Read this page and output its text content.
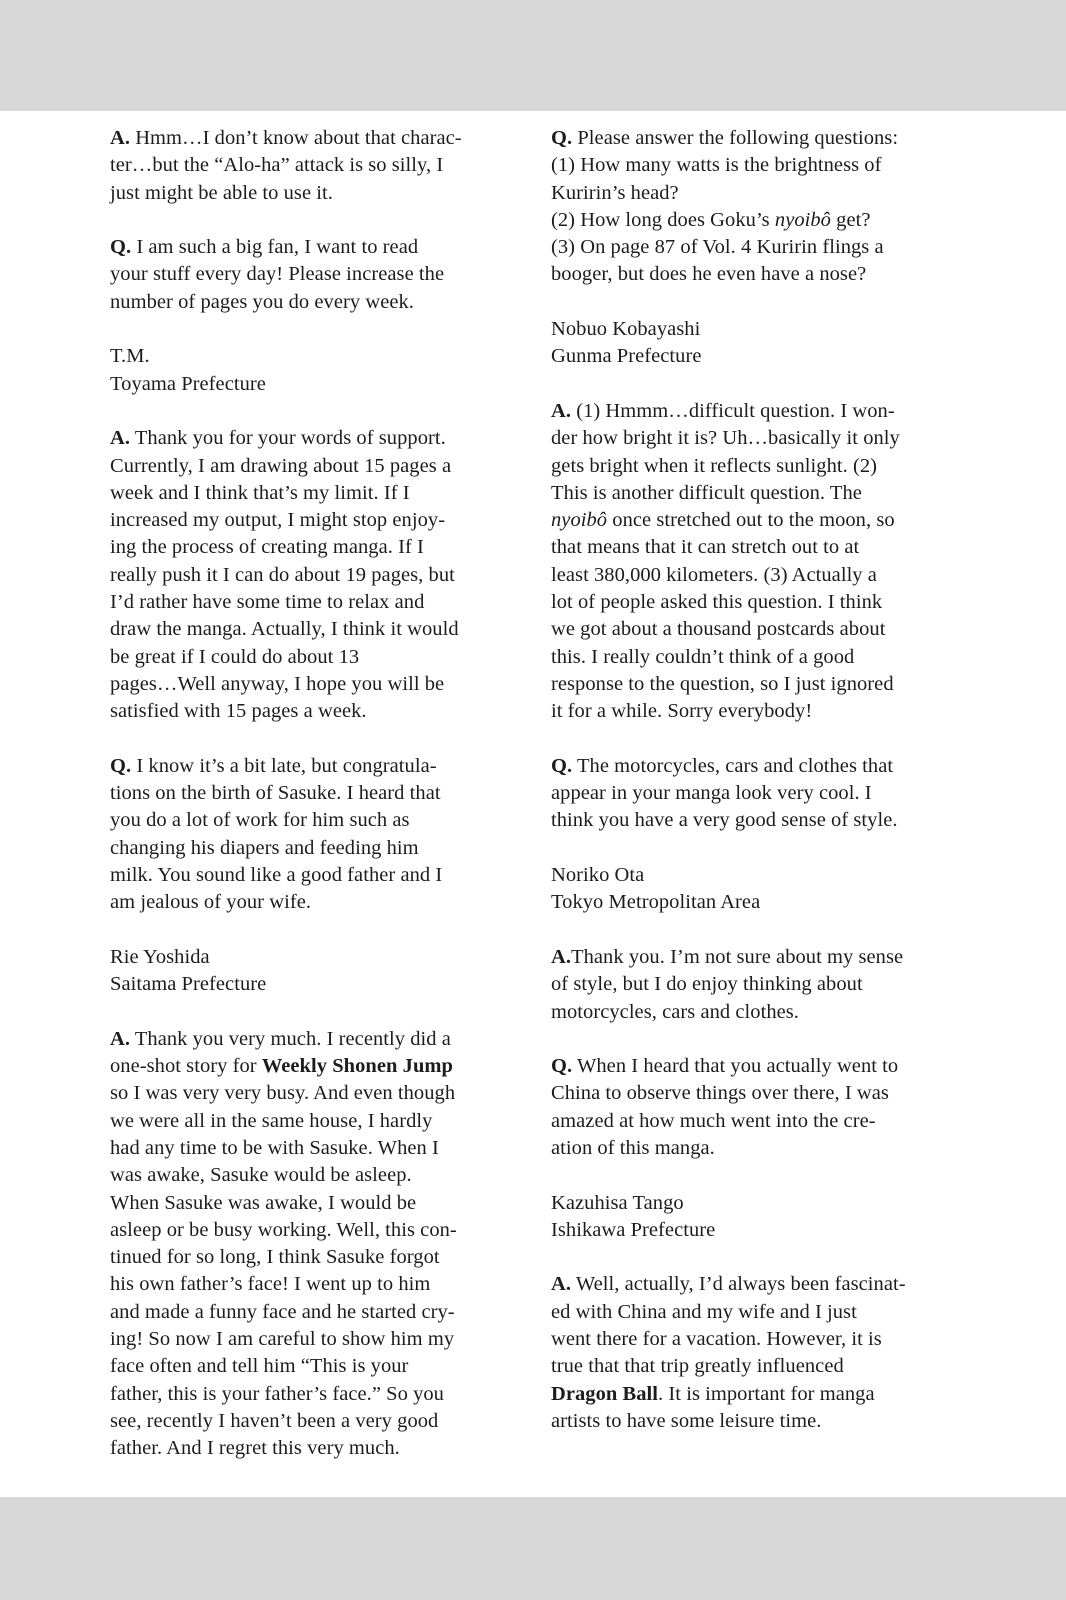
A. Hmm…I don’t know about that charac-
ter…but the “Alo-ha” attack is so silly, I
just might be able to use it.
Q. I am such a big fan, I want to read
your stuff every day! Please increase the
number of pages you do every week.
T.M.
Toyama Prefecture
A. Thank you for your words of support.
Currently, I am drawing about 15 pages a
week and I think that’s my limit. If I
increased my output, I might stop enjoy-
ing the process of creating manga. If I
really push it I can do about 19 pages, but
I’d rather have some time to relax and
draw the manga. Actually, I think it would
be great if I could do about 13
pages…Well anyway, I hope you will be
satisfied with 15 pages a week.
Q. I know it’s a bit late, but congratula-
tions on the birth of Sasuke. I heard that
you do a lot of work for him such as
changing his diapers and feeding him
milk. You sound like a good father and I
am jealous of your wife.
Rie Yoshida
Saitama Prefecture
A. Thank you very much. I recently did a
one-shot story for Weekly Shonen Jump
so I was very very busy. And even though
we were all in the same house, I hardly
had any time to be with Sasuke. When I
was awake, Sasuke would be asleep.
When Sasuke was awake, I would be
asleep or be busy working. Well, this con-
tinued for so long, I think Sasuke forgot
his own father’s face! I went up to him
and made a funny face and he started cry-
ing! So now I am careful to show him my
face often and tell him “This is your
father, this is your father’s face.” So you
see, recently I haven’t been a very good
father. And I regret this very much.
Q. Please answer the following questions:
(1) How many watts is the brightness of
Kuririn’s head?
(2) How long does Goku’s nyoibô get?
(3) On page 87 of Vol. 4 Kuririn flings a
booger, but does he even have a nose?
Nobuo Kobayashi
Gunma Prefecture
A. (1) Hmmm…difficult question. I won-
der how bright it is? Uh…basically it only
gets bright when it reflects sunlight. (2)
This is another difficult question. The
nyoibô once stretched out to the moon, so
that means that it can stretch out to at
least 380,000 kilometers. (3) Actually a
lot of people asked this question. I think
we got about a thousand postcards about
this. I really couldn’t think of a good
response to the question, so I just ignored
it for a while. Sorry everybody!
Q. The motorcycles, cars and clothes that
appear in your manga look very cool. I
think you have a very good sense of style.
Noriko Ota
Tokyo Metropolitan Area
A.Thank you. I’m not sure about my sense
of style, but I do enjoy thinking about
motorcycles, cars and clothes.
Q. When I heard that you actually went to
China to observe things over there, I was
amazed at how much went into the cre-
ation of this manga.
Kazuhisa Tango
Ishikawa Prefecture
A. Well, actually, I’d always been fascinat-
ed with China and my wife and I just
went there for a vacation. However, it is
true that that trip greatly influenced
Dragon Ball. It is important for manga
artists to have some leisure time.
